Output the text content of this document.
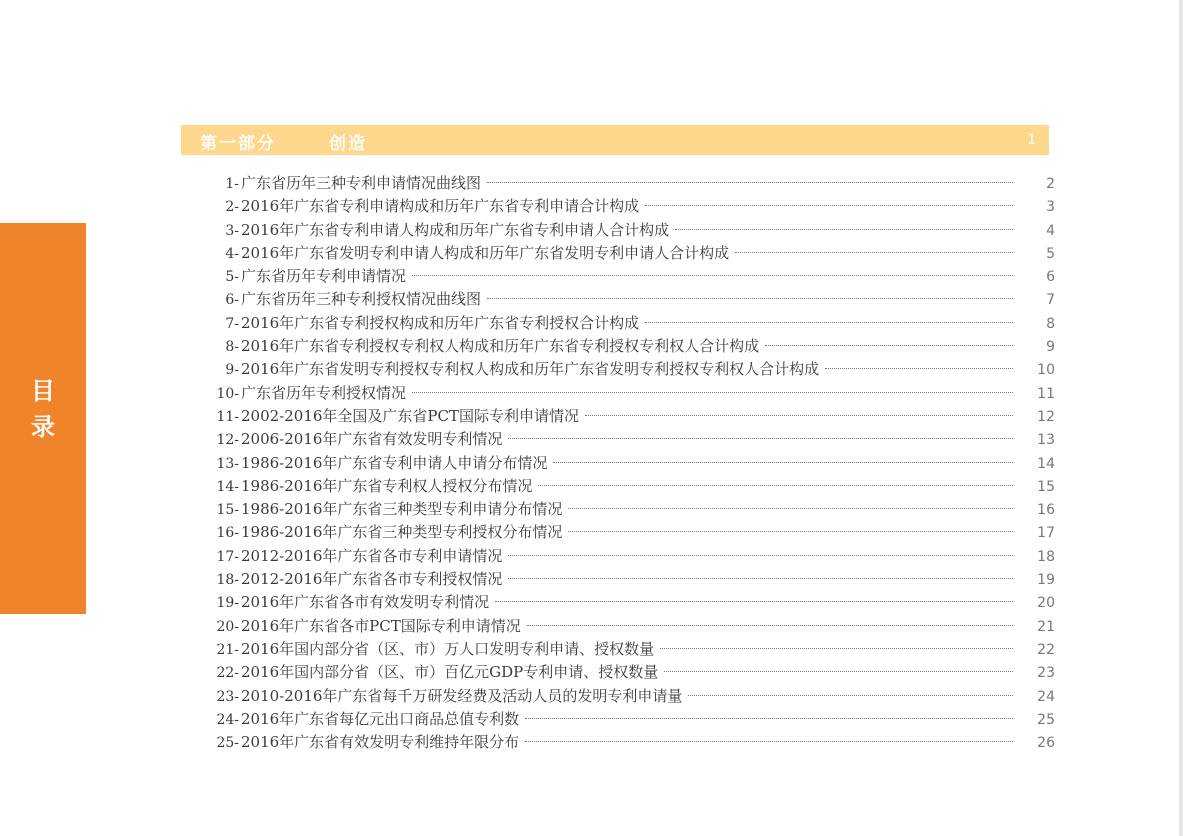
目
录
第一部分	创造	1
1- 广东省历年三种专利申请情况曲线图	2
2- 2016年广东省专利申请构成和历年广东省专利申请合计构成	3
3- 2016年广东省专利申请人构成和历年广东省专利申请人合计构成	4
4- 2016年广东省发明专利申请人构成和历年广东省发明专利申请人合计构成	5
5- 广东省历年专利申请情况	6
6- 广东省历年三种专利授权情况曲线图	7
7- 2016年广东省专利授权构成和历年广东省专利授权合计构成	8
8- 2016年广东省专利授权专利权人构成和历年广东省专利授权专利权人合计构成	9
9- 2016年广东省发明专利授权专利权人构成和历年广东省发明专利授权专利权人合计构成	10
10- 广东省历年专利授权情况	11
11- 2002-2016年全国及广东省PCT国际专利申请情况	12
12- 2006-2016年广东省有效发明专利情况	13
13- 1986-2016年广东省专利申请人申请分布情况	14
14- 1986-2016年广东省专利权人授权分布情况	15
15- 1986-2016年广东省三种类型专利申请分布情况	16
16- 1986-2016年广东省三种类型专利授权分布情况	17
17- 2012-2016年广东省各市专利申请情况	18
18- 2012-2016年广东省各市专利授权情况	19
19- 2016年广东省各市有效发明专利情况	20
20- 2016年广东省各市PCT国际专利申请情况	21
21- 2016年国内部分省（区、市）万人口发明专利申请、授权数量	22
22- 2016年国内部分省（区、市）百亿元GDP专利申请、授权数量	23
23- 2010-2016年广东省每千万研发经费及活动人员的发明专利申请量	24
24- 2016年广东省每亿元出口商品总值专利数	25
25- 2016年广东省有效发明专利维持年限分布	26
